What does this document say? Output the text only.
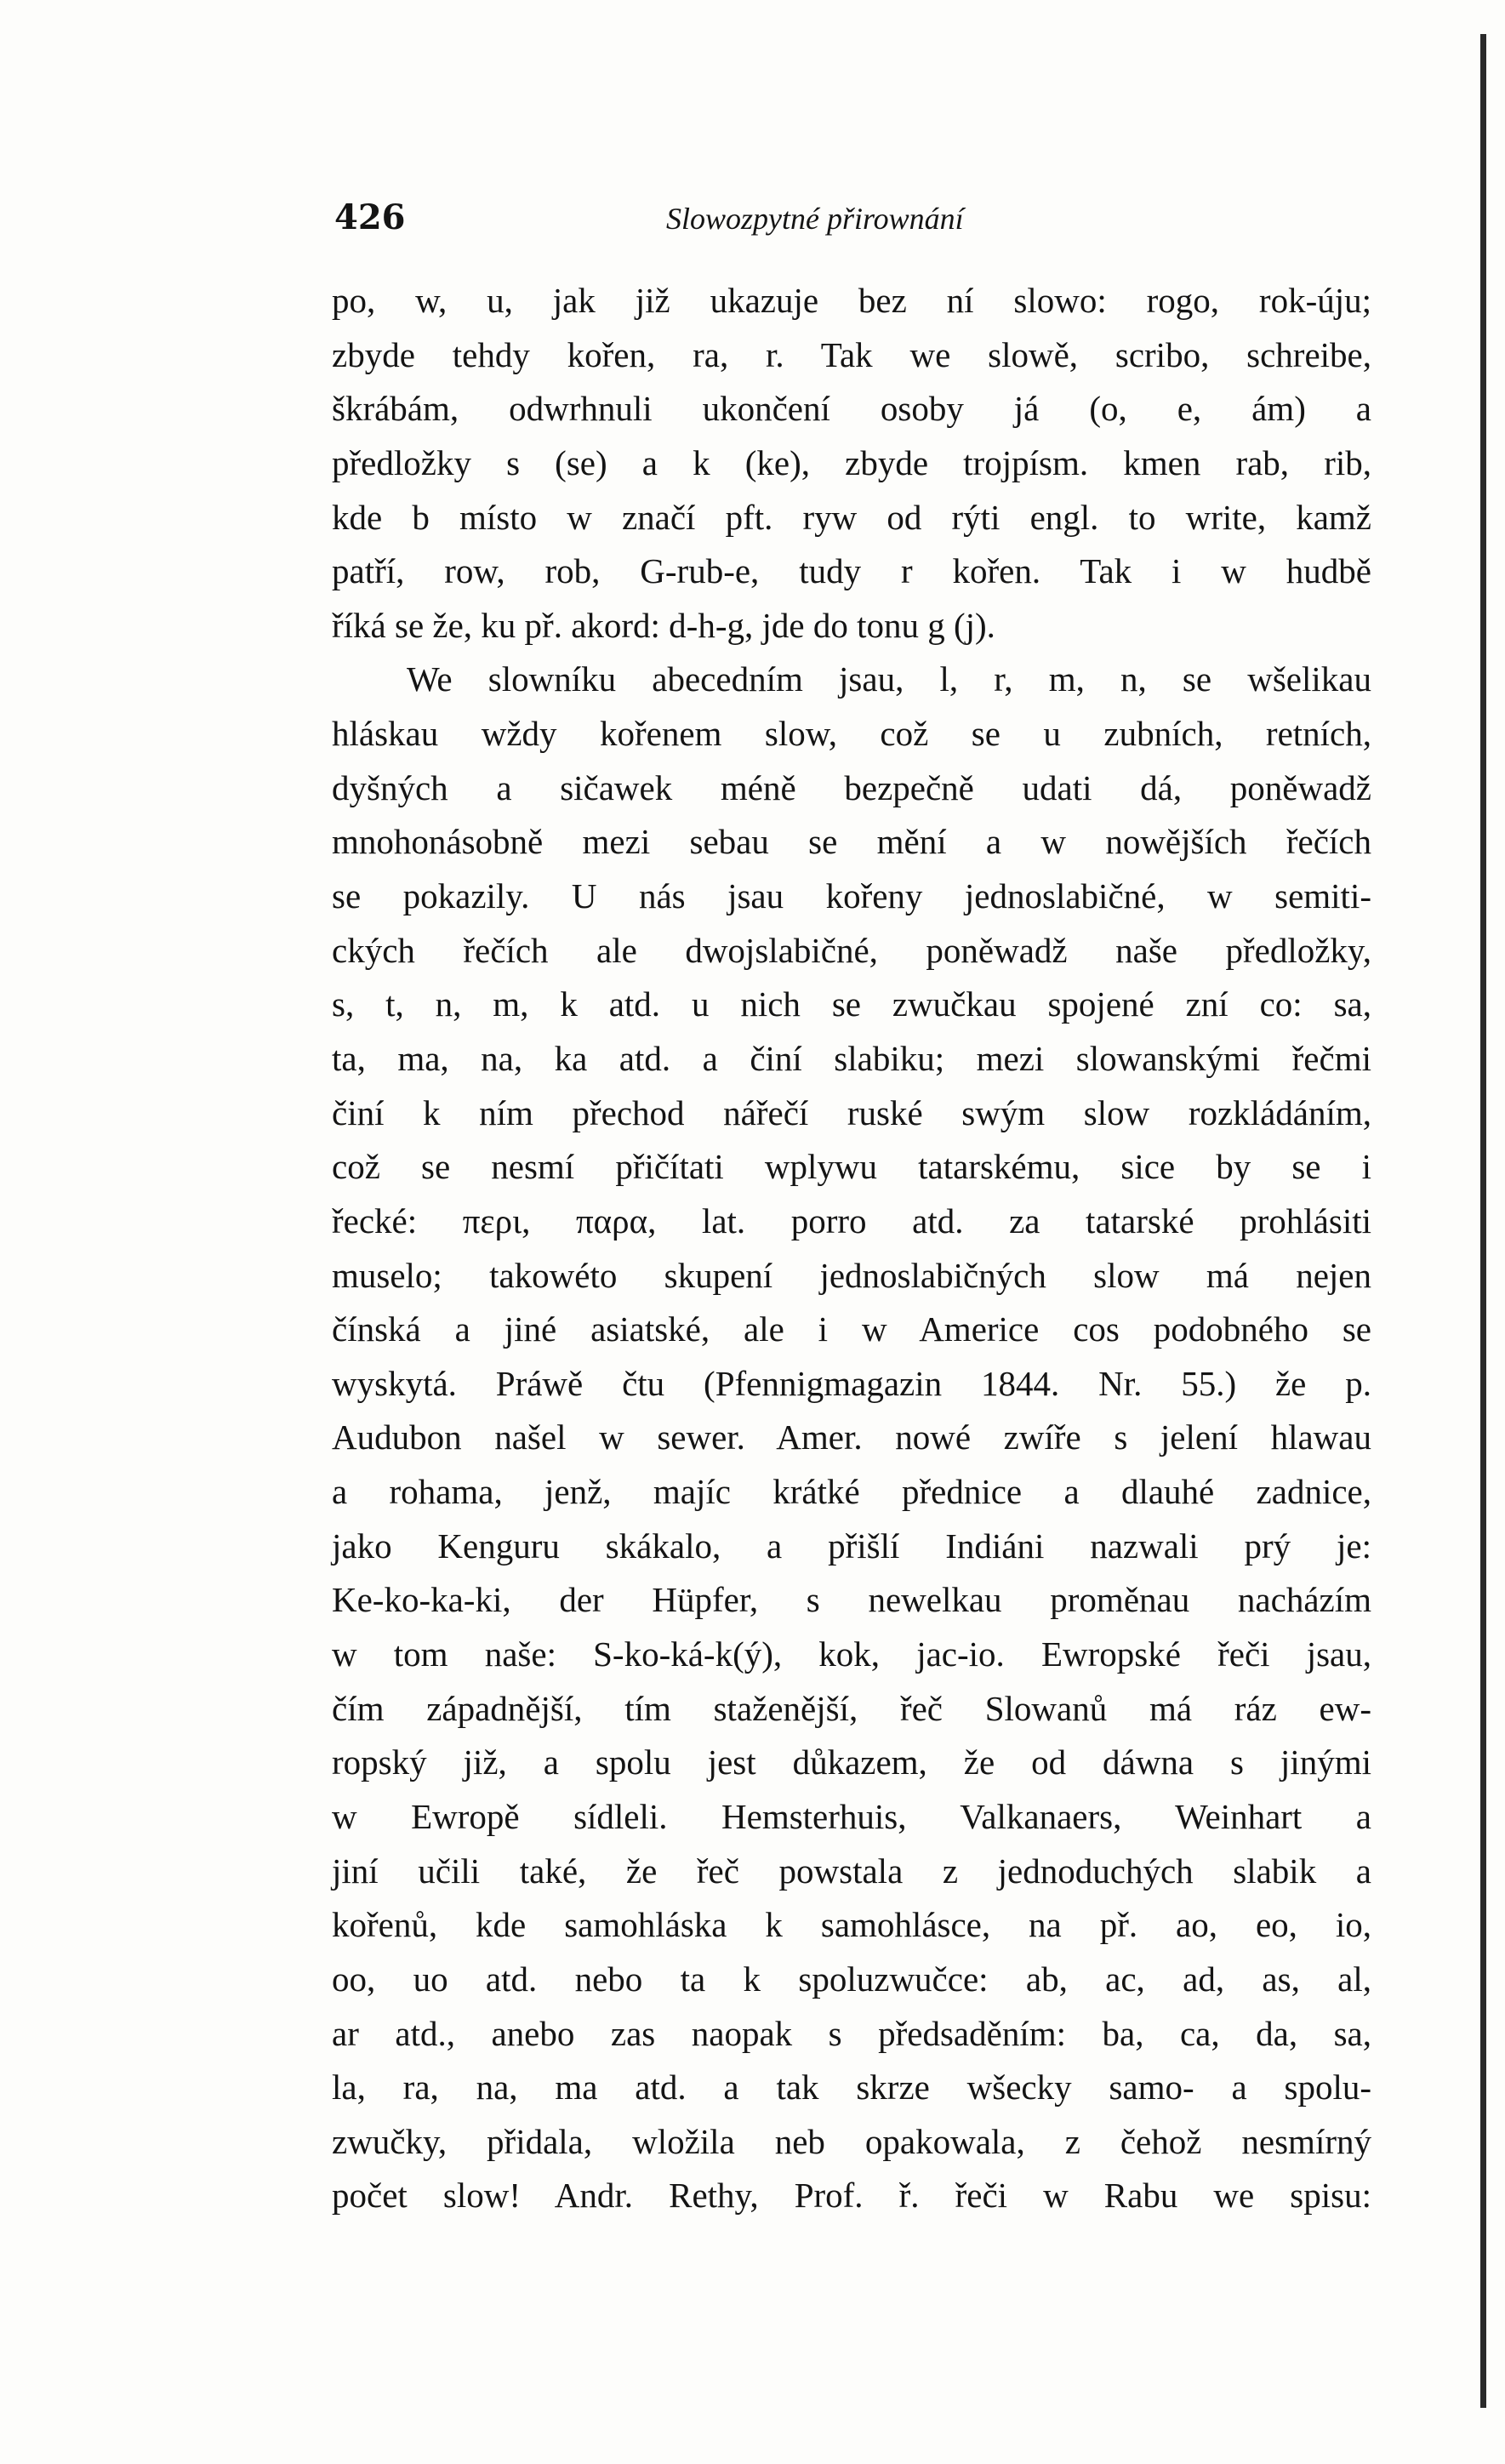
426	Slowozpytné přirownání
po, w, u, jak již ukazuje bez ní slowo: rogo, rok-úju;
zbyde tehdy kořen, ra, r. Tak we slowě, scribo, schreibe,
škrábám, odwrhnuli ukončení osoby já (o, e, ám) a
předložky s (se) a k (ke), zbyde trojpísm. kmen rab, rib,
kde b místo w značí pft. ryw od rýti engl. to write, kamž
patří, row, rob, G-rub-e, tudy r kořen. Tak i w hudbě
říká se že, ku př. akord: d-h-g, jde do tonu g (j).
We slowníku abecedním jsau, l, r, m, n, se wšelikau
hláskau wždy kořenem slow, což se u zubních, retních,
dyšných a sičawek méně bezpečně udati dá, poněwadž
mnohonásobně mezi sebau se mění a w nowějších řečích
se pokazily. U nás jsau kořeny jednoslabičné, w semiti-
ckých řečích ale dwojslabičné, poněwadž naše předložky,
s, t, n, m, k atd. u nich se zwučkau spojené zní co: sa,
ta, ma, na, ka atd. a činí slabiku; mezi slowanskými řečmi
činí k ním přechod nářečí ruské swým slow rozkládáním,
což se nesmí přičítati wplywu tatarskému, sice by se i
řecké: περι, παρα, lat. porro atd. za tatarské prohlásiti
muselo; takowéto skupení jednoslabičných slow má nejen
čínská a jiné asiatské, ale i w Americe cos podobného se
wyskytá. Práwě čtu (Pfennigmagazin 1844. Nr. 55.) že p.
Audubon našel w sewer. Amer. nowé zwíře s jelení hlawau
a rohama, jenž, majíc krátké přednice a dlauhé zadnice,
jako Kenguru skákalo, a přišlí Indiáni nazwali prý je:
Ke-ko-ka-ki, der Hüpfer, s newelkau proměnau nacházím
w tom naše: S-ko-ká-k(ý), kok, jac-io. Ewropské řeči jsau,
čím západnější, tím staženější, řeč Slowanů má ráz ew-
ropský již, a spolu jest důkazem, že od dáwna s jinými
w Ewropě sídleli. Hemsterhuis, Valkanaers, Weinhart a
jiní učili také, že řeč powstala z jednoduchých slabik a
kořenů, kde samohláska k samohlásce, na př. ao, eo, io,
oo, uo atd. nebo ta k spoluzwučce: ab, ac, ad, as, al,
ar atd., anebo zas naopak s předsaděním: ba, ca, da, sa,
la, ra, na, ma atd. a tak skrze wšecky samo- a spolu-
zwučky, přidala, wložila neb opakowala, z čehož nesmírný
počet slow! Andr. Rethy, Prof. ř. řeči w Rabu we spisu:
